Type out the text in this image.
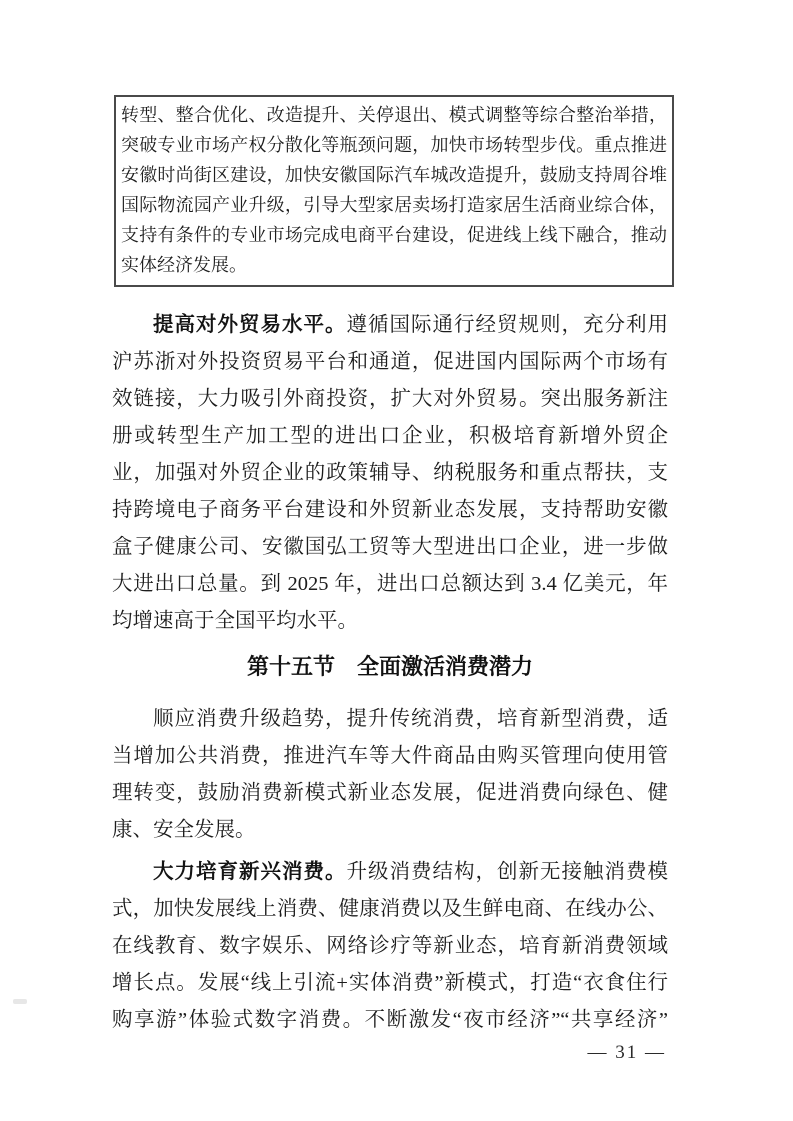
转型、整合优化、改造提升、关停退出、模式调整等综合整治举措，
突破专业市场产权分散化等瓶颈问题，加快市场转型步伐。重点推进
安徽时尚街区建设，加快安徽国际汽车城改造提升，鼓励支持周谷堆
国际物流园产业升级，引导大型家居卖场打造家居生活商业综合体，
支持有条件的专业市场完成电商平台建设，促进线上线下融合，推动
实体经济发展。
提高对外贸易水平。遵循国际通行经贸规则，充分利用
沪苏浙对外投资贸易平台和通道，促进国内国际两个市场有
效链接，大力吸引外商投资，扩大对外贸易。突出服务新注
册或转型生产加工型的进出口企业，积极培育新增外贸企
业，加强对外贸企业的政策辅导、纳税服务和重点帮扶，支
持跨境电子商务平台建设和外贸新业态发展，支持帮助安徽
盒子健康公司、安徽国弘工贸等大型进出口企业，进一步做
大进出口总量。到 2025 年，进出口总额达到 3.4 亿美元，年
均增速高于全国平均水平。
第十五节 全面激活消费潜力
顺应消费升级趋势，提升传统消费，培育新型消费，适
当增加公共消费，推进汽车等大件商品由购买管理向使用管
理转变，鼓励消费新模式新业态发展，促进消费向绿色、健
康、安全发展。
大力培育新兴消费。升级消费结构，创新无接触消费模
式，加快发展线上消费、健康消费以及生鲜电商、在线办公、
在线教育、数字娱乐、网络诊疗等新业态，培育新消费领域
增长点。发展“线上引流+实体消费”新模式，打造“衣食住行
购享游”体验式数字消费。不断激发“夜市经济”“共享经济”
— 31 —
